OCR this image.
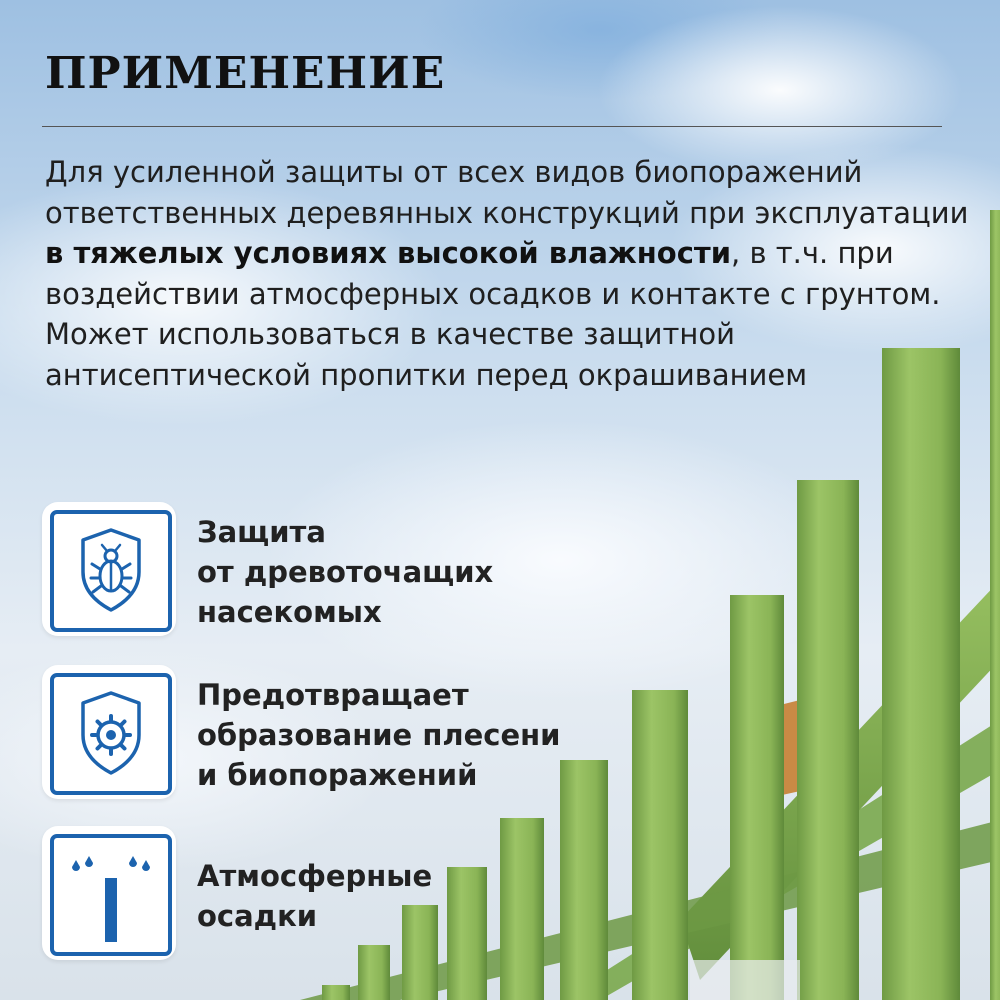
ПРИМЕНЕНИЕ

Для усиленной защиты от всех видов биопоражений ответственных деревянных конструкций при эксплуатации в тяжелых условиях высокой влажности, в т.ч. при воздействии атмосферных осадков и контакте с грунтом. Может использоваться в качестве защитной антисептической пропитки перед окрашиванием

Защита
от древоточащих
насекомых

Предотвращает
образование плесени
и биопоражений

Атмосферные
осадки
